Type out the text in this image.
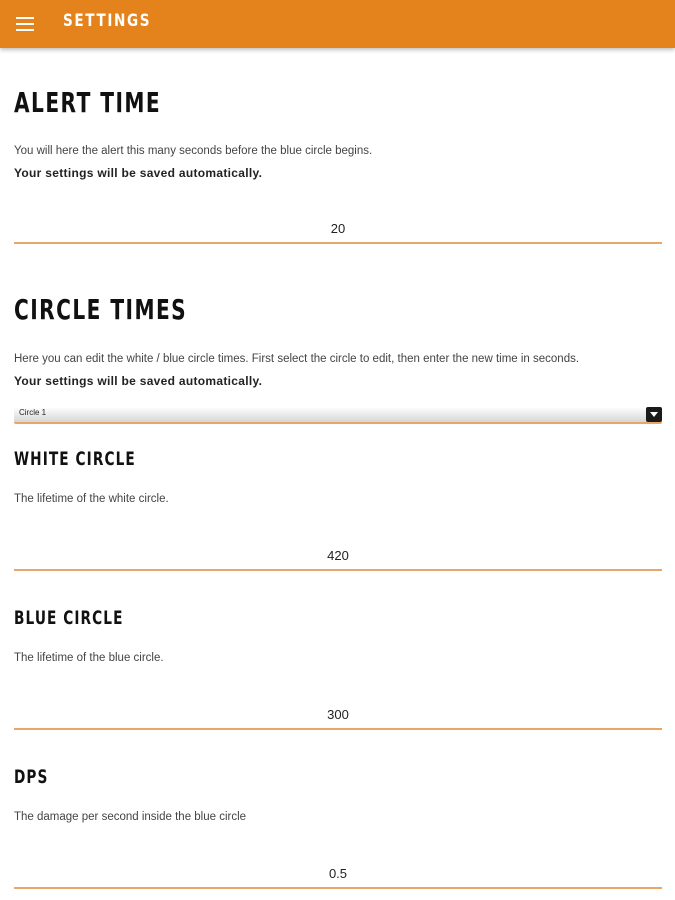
SETTINGS
ALERT TIME
You will here the alert this many seconds before the blue circle begins.
Your settings will be saved automatically.
20
CIRCLE TIMES
Here you can edit the white / blue circle times. First select the circle to edit, then enter the new time in seconds.
Your settings will be saved automatically.
Circle 1
WHITE CIRCLE
The lifetime of the white circle.
420
BLUE CIRCLE
The lifetime of the blue circle.
300
DPS
The damage per second inside the blue circle
0.5
